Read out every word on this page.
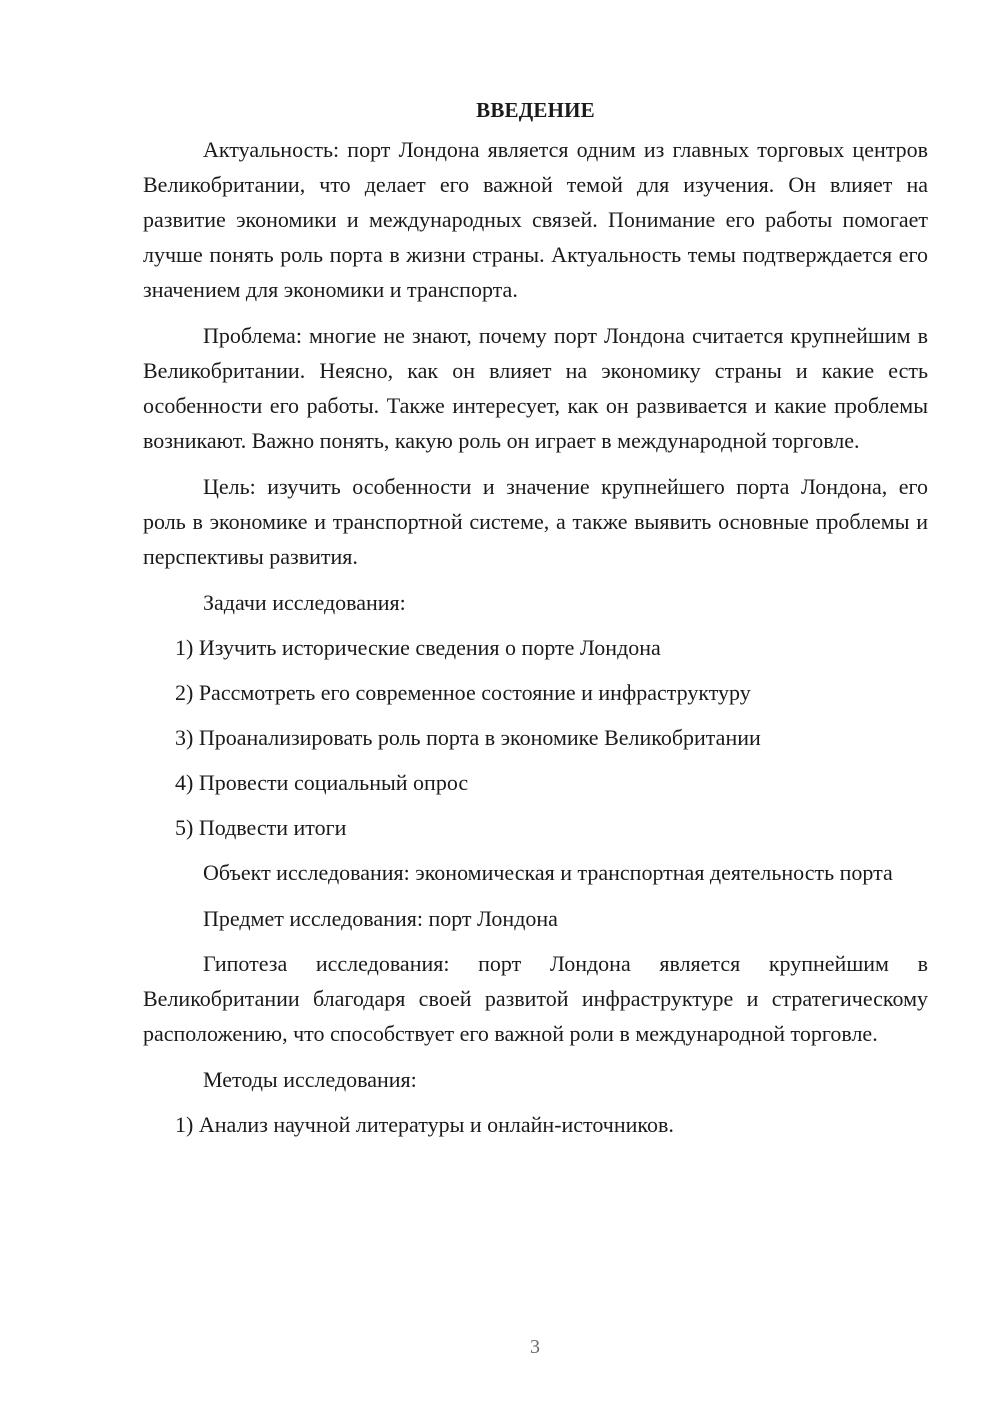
ВВЕДЕНИЕ

Актуальность: порт Лондона является одним из главных торговых центров Великобритании, что делает его важной темой для изучения. Он влияет на развитие экономики и международных связей. Понимание его работы помогает лучше понять роль порта в жизни страны. Актуальность темы подтверждается его значением для экономики и транспорта.

Проблема: многие не знают, почему порт Лондона считается крупнейшим в Великобритании. Неясно, как он влияет на экономику страны и какие есть особенности его работы. Также интересует, как он развивается и какие проблемы возникают. Важно понять, какую роль он играет в международной торговле.

Цель: изучить особенности и значение крупнейшего порта Лондона, его роль в экономике и транспортной системе, а также выявить основные проблемы и перспективы развития.

Задачи исследования:

1) Изучить исторические сведения о порте Лондона

2) Рассмотреть его современное состояние и инфраструктуру

3) Проанализировать роль порта в экономике Великобритании

4) Провести социальный опрос

5) Подвести итоги

Объект исследования: экономическая и транспортная деятельность порта

Предмет исследования: порт Лондона

Гипотеза исследования: порт Лондона является крупнейшим в Великобритании благодаря своей развитой инфраструктуре и стратегическому расположению, что способствует его важной роли в международной торговле.

Методы исследования:

1) Анализ научной литературы и онлайн-источников.

3
